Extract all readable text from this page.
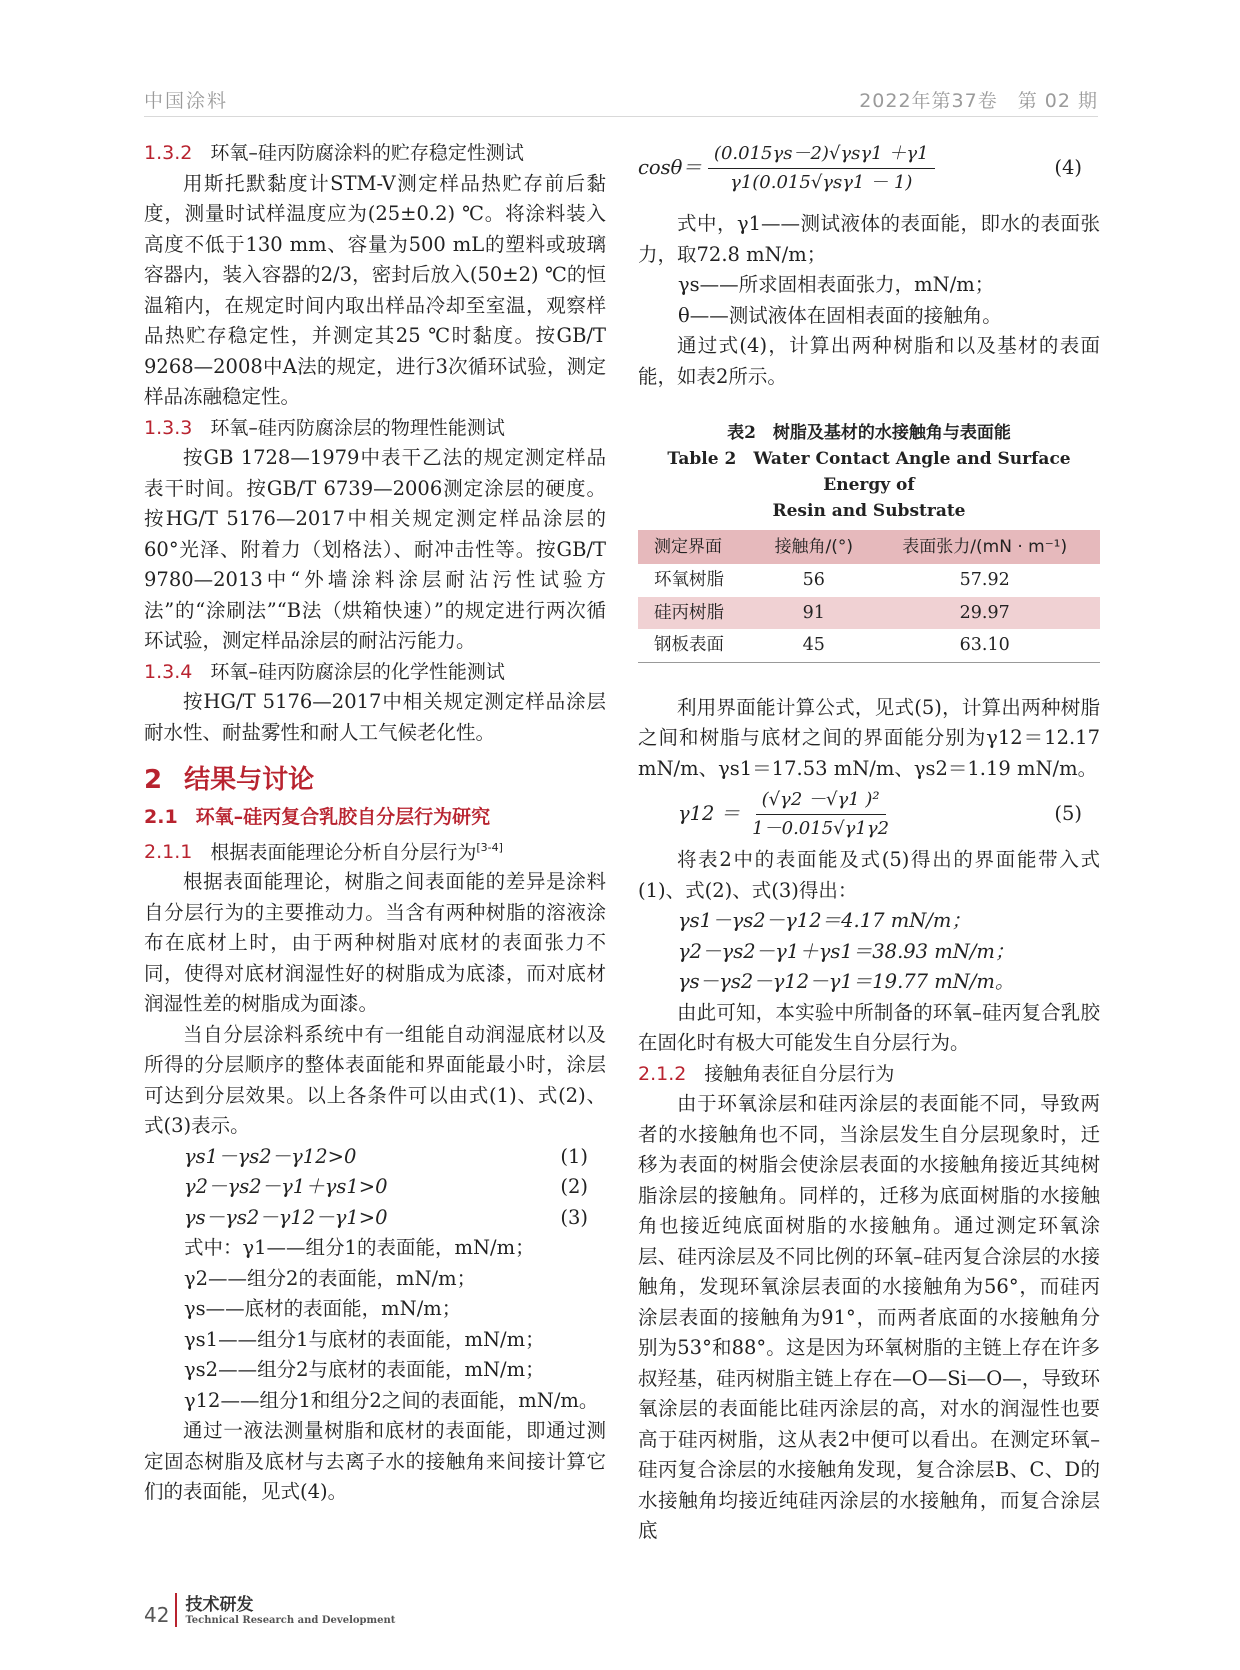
中国涂料	2022年第37卷　第 02 期
1.3.2 环氧–硅丙防腐涂料的贮存稳定性测试

用斯托默黏度计STM-V测定样品热贮存前后黏度，测量时试样温度应为(25±0.2) ℃。将涂料装入高度不低于130 mm、容量为500 mL的塑料或玻璃容器内，装入容器的2/3，密封后放入(50±2) ℃的恒温箱内，在规定时间内取出样品冷却至室温，观察样品热贮存稳定性，并测定其25 ℃时黏度。按GB/T 9268—2008中A法的规定，进行3次循环试验，测定样品冻融稳定性。

1.3.3 环氧–硅丙防腐涂层的物理性能测试

按GB 1728—1979中表干乙法的规定测定样品表干时间。按GB/T 6739—2006测定涂层的硬度。按HG/T 5176—2017中相关规定测定样品涂层的60°光泽、附着力（划格法）、耐冲击性等。按GB/T 9780—2013中“外墙涂料涂层耐沾污性试验方法”的“涂刷法”“B法（烘箱快速）”的规定进行两次循环试验，测定样品涂层的耐沾污能力。

1.3.4 环氧–硅丙防腐涂层的化学性能测试

按HG/T 5176—2017中相关规定测定样品涂层耐水性、耐盐雾性和耐人工气候老化性。

2 结果与讨论
2.1 环氧–硅丙复合乳胶自分层行为研究
2.1.1 根据表面能理论分析自分层行为[3-4]

根据表面能理论，树脂之间表面能的差异是涂料自分层行为的主要推动力。当含有两种树脂的溶液涂布在底材上时，由于两种树脂对底材的表面张力不同，使得对底材润湿性好的树脂成为底漆，而对底材润湿性差的树脂成为面漆。

当自分层涂料系统中有一组能自动润湿底材以及所得的分层顺序的整体表面能和界面能最小时，涂层可达到分层效果。以上各条件可以由式(1)、式(2)、式(3)表示。

γs1－γs2－γ12>0	(1)
γ2－γs2－γ1＋γs1>0	(2)
γs－γs2－γ12－γ1>0	(3)
式中：γ1——组分1的表面能，mN/m；
γ2——组分2的表面能，mN/m；
γs——底材的表面能，mN/m；
γs1——组分1与底材的表面能，mN/m；
γs2——组分2与底材的表面能，mN/m；
γ12——组分1和组分2之间的表面能，mN/m。

通过一液法测量树脂和底材的表面能，即通过测定固态树脂及底材与去离子水的接触角来间接计算它们的表面能，见式(4)。

$\cos\theta= \frac{\text{(0.015γs－2)√γsγ1 ＋γ1}}{\text{γ1(0.015√γsγ1 － 1)}}$	(4)

式中，γ1——测试液体的表面能，即水的表面张力，取72.8 mN/m；

γs——所求固相表面张力，mN/m；
θ——测试液体在固相表面的接触角。

通过式(4)，计算出两种树脂和以及基材的表面能，如表2所示。

表2　树脂及基材的水接触角与表面能
Table 2　Water Contact Angle and Surface Energy of
Resin and Substrate
测定界面	接触角/(°)	表面张力/(mN · m⁻¹)
环氧树脂	56	57.92
硅丙树脂	91	29.97
钢板表面	45	63.10

利用界面能计算公式，见式(5)，计算出两种树脂之间和树脂与底材之间的界面能分别为γ12＝12.17 mN/m、γs1＝17.53 mN/m、γs2＝1.19 mN/m。

$\gamma 12 = \frac{\text{(√γ2 －√γ1 )²}}{1-0.015√\gamma 1\gamma 2}$	(5)

将表2中的表面能及式(5)得出的界面能带入式(1)、式(2)、式(3)得出：

γs1－γs2－γ12＝4.17 mN/m；
γ2－γs2－γ1＋γs1＝38.93 mN/m；
γs－γs2－γ12－γ1＝19.77 mN/m。

由此可知，本实验中所制备的环氧–硅丙复合乳胶在固化时有极大可能发生自分层行为。

2.1.2 接触角表征自分层行为

由于环氧涂层和硅丙涂层的表面能不同，导致两者的水接触角也不同，当涂层发生自分层现象时，迁移为表面的树脂会使涂层表面的水接触角接近其纯树脂涂层的接触角。同样的，迁移为底面树脂的水接触角也接近纯底面树脂的水接触角。通过测定环氧涂层、硅丙涂层及不同比例的环氧–硅丙复合涂层的水接触角，发现环氧涂层表面的水接触角为56°，而硅丙涂层表面的接触角为91°，而两者底面的水接触角分别为53°和88°。这是因为环氧树脂的主链上存在许多叔羟基，硅丙树脂主链上存在—O—Si—O—，导致环氧涂层的表面能比硅丙涂层的高，对水的润湿性也要高于硅丙树脂，这从表2中便可以看出。在测定环氧–硅丙复合涂层的水接触角发现，复合涂层B、C、D的水接触角均接近纯硅丙涂层的水接触角，而复合涂层底

42 技术研发
Technical Research and Development
